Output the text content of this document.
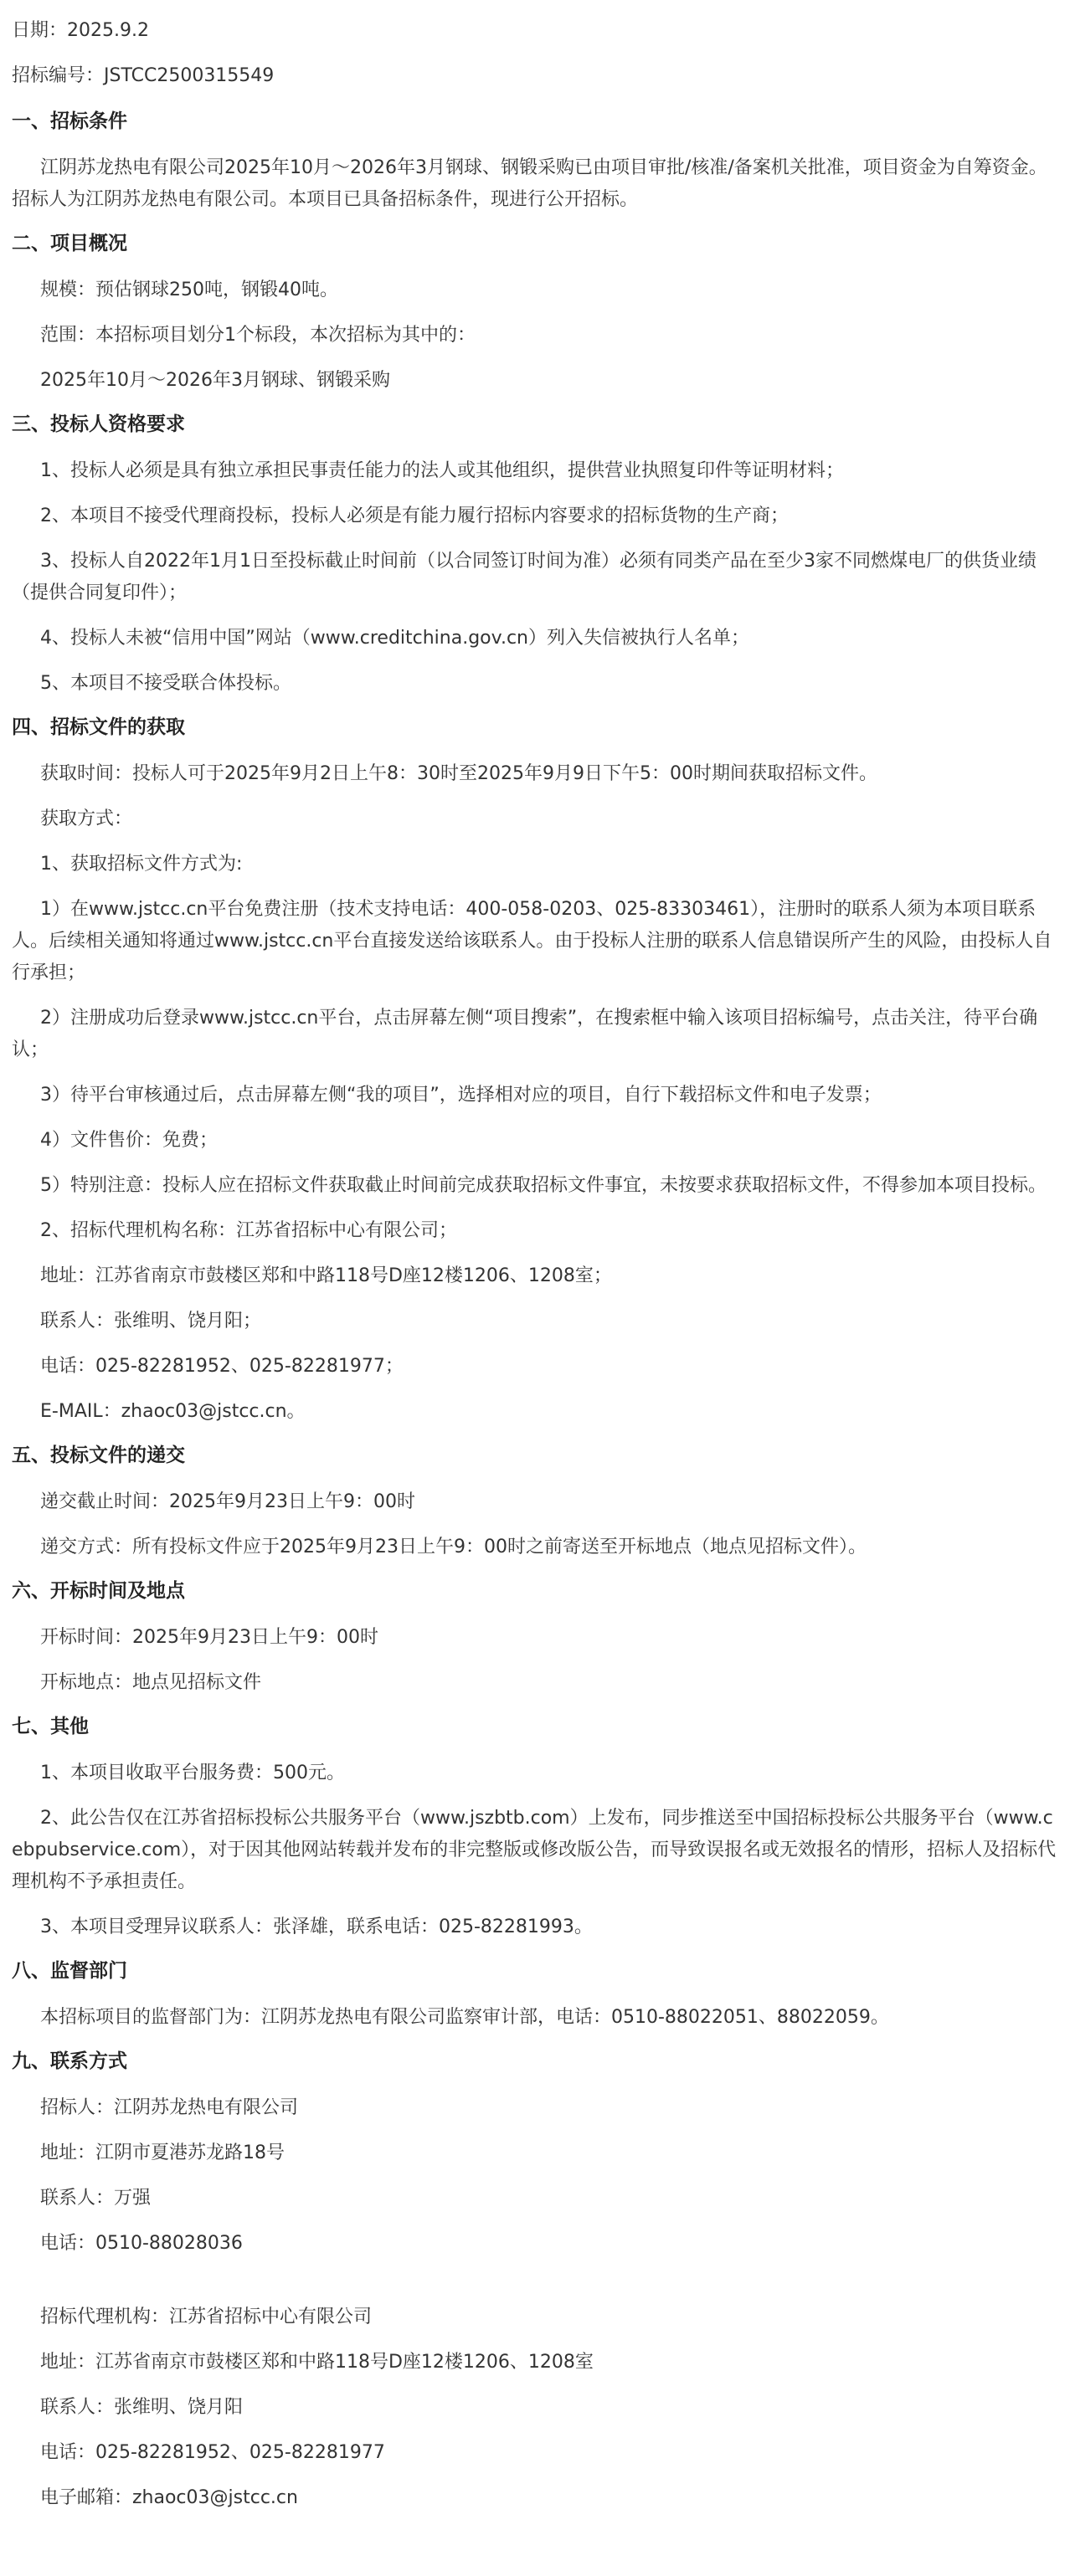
日期：2025.9.2
招标编号：JSTCC2500315549
一、招标条件
江阴苏龙热电有限公司2025年10月～2026年3月钢球、钢锻采购已由项目审批/核准/备案机关批准，项目资金为自筹资金。招标人为江阴苏龙热电有限公司。本项目已具备招标条件，现进行公开招标。
二、项目概况
规模：预估钢球250吨，钢锻40吨。
范围：本招标项目划分1个标段，本次招标为其中的：
2025年10月～2026年3月钢球、钢锻采购
三、投标人资格要求
1、投标人必须是具有独立承担民事责任能力的法人或其他组织，提供营业执照复印件等证明材料；
2、本项目不接受代理商投标，投标人必须是有能力履行招标内容要求的招标货物的生产商；
3、投标人自2022年1月1日至投标截止时间前（以合同签订时间为准）必须有同类产品在至少3家不同燃煤电厂的供货业绩（提供合同复印件）；
4、投标人未被“信用中国”网站（www.creditchina.gov.cn）列入失信被执行人名单；
5、本项目不接受联合体投标。
四、招标文件的获取
获取时间：投标人可于2025年9月2日上午8：30时至2025年9月9日下午5：00时期间获取招标文件。
获取方式：
1、获取招标文件方式为:
1）在www.jstcc.cn平台免费注册（技术支持电话：400-058-0203、025-83303461），注册时的联系人须为本项目联系人。后续相关通知将通过www.jstcc.cn平台直接发送给该联系人。由于投标人注册的联系人信息错误所产生的风险，由投标人自行承担；
2）注册成功后登录www.jstcc.cn平台，点击屏幕左侧“项目搜索”，在搜索框中输入该项目招标编号，点击关注，待平台确认；
3）待平台审核通过后，点击屏幕左侧“我的项目”，选择相对应的项目，自行下载招标文件和电子发票；
4）文件售价：免费；
5）特别注意：投标人应在招标文件获取截止时间前完成获取招标文件事宜，未按要求获取招标文件，不得参加本项目投标。
2、招标代理机构名称：江苏省招标中心有限公司；
地址：江苏省南京市鼓楼区郑和中路118号D座12楼1206、1208室；
联系人：张维明、饶月阳；
电话：025-82281952、025-82281977；
E-MAIL：zhaoc03@jstcc.cn。
五、投标文件的递交
递交截止时间：2025年9月23日上午9：00时
递交方式：所有投标文件应于2025年9月23日上午9：00时之前寄送至开标地点（地点见招标文件）。
六、开标时间及地点
开标时间：2025年9月23日上午9：00时
开标地点：地点见招标文件
七、其他
1、本项目收取平台服务费：500元。
2、此公告仅在江苏省招标投标公共服务平台（www.jszbtb.com）上发布，同步推送至中国招标投标公共服务平台（www.cebpubservice.com），对于因其他网站转载并发布的非完整版或修改版公告，而导致误报名或无效报名的情形，招标人及招标代理机构不予承担责任。
3、本项目受理异议联系人：张泽雄，联系电话：025-82281993。
八、监督部门
本招标项目的监督部门为：江阴苏龙热电有限公司监察审计部，电话：0510-88022051、88022059。
九、联系方式
招标人：江阴苏龙热电有限公司
地址：江阴市夏港苏龙路18号
联系人：万强
电话：0510-88028036
招标代理机构：江苏省招标中心有限公司
地址：江苏省南京市鼓楼区郑和中路118号D座12楼1206、1208室
联系人：张维明、饶月阳
电话：025-82281952、025-82281977
电子邮箱：zhaoc03@jstcc.cn
